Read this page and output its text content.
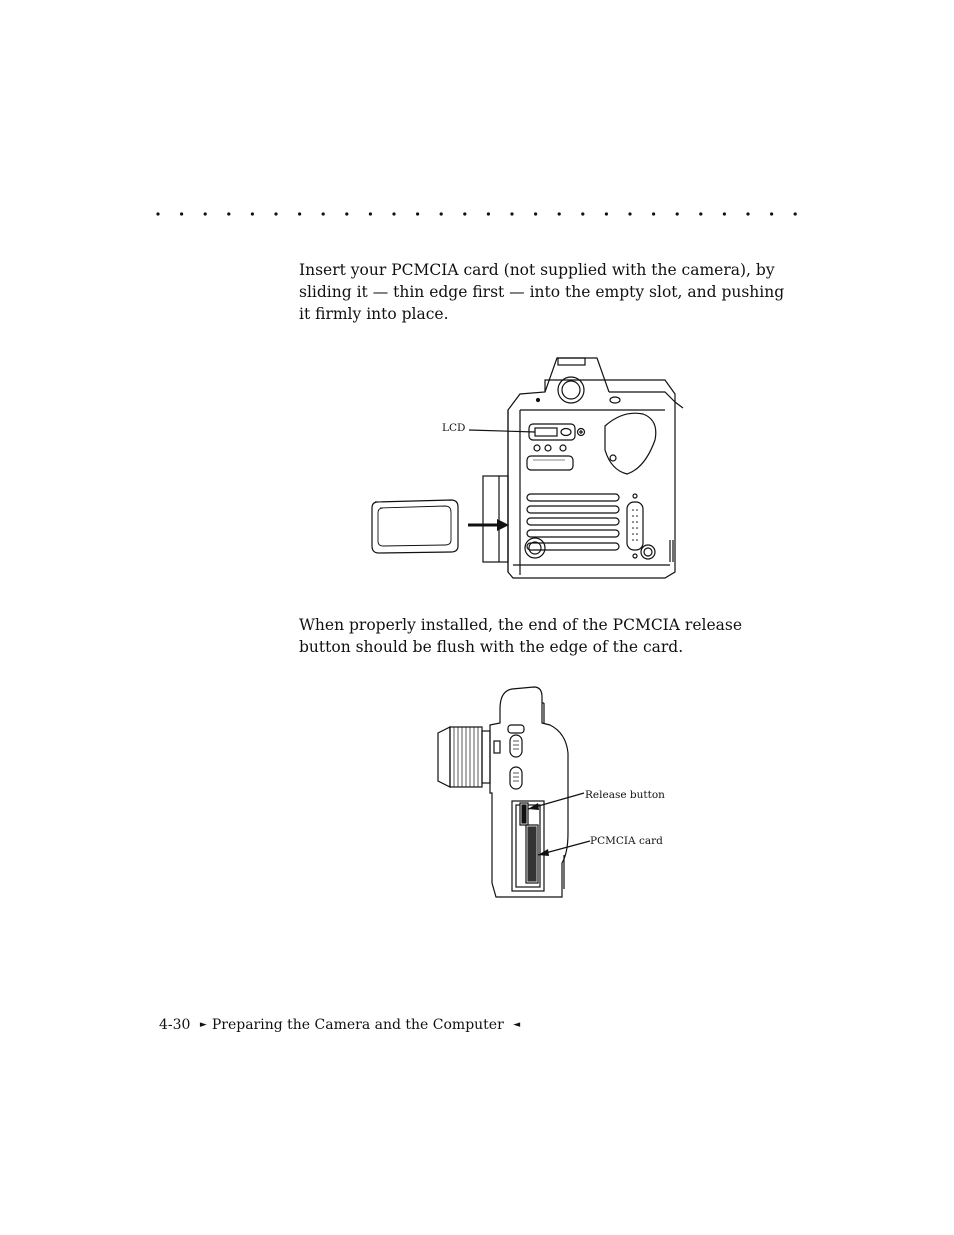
Insert your PCMCIA card (not supplied with the camera), by sliding it — thin edge first — into the empty slot, and pushing it firmly into place.

LCD

When properly installed, the end of the PCMCIA release button should be flush with the edge of the card.

Release button
PCMCIA card
4-30 ► Preparing the Camera and the Computer ◄
